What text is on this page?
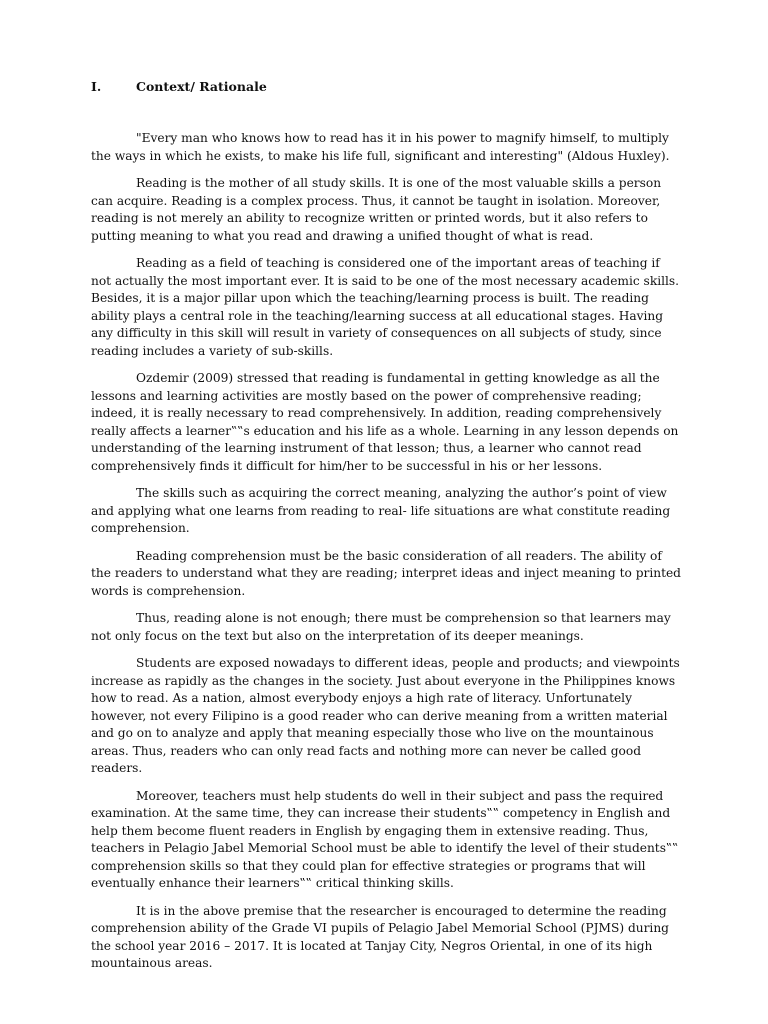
I.	Context/ Rationale

"Every man who knows how to read has it in his power to magnify himself, to multiply the ways in which he exists, to make his life full, significant and interesting" (Aldous Huxley).

Reading is the mother of all study skills. It is one of the most valuable skills a person can acquire. Reading is a complex process. Thus, it cannot be taught in isolation. Moreover, reading is not merely an ability to recognize written or printed words, but it also refers to putting meaning to what you read and drawing a unified thought of what is read.

Reading as a field of teaching is considered one of the important areas of teaching if not actually the most important ever. It is said to be one of the most necessary academic skills. Besides, it is a major pillar upon which the teaching/learning process is built. The reading ability plays a central role in the teaching/learning success at all educational stages. Having any difficulty in this skill will result in variety of consequences on all subjects of study, since reading includes a variety of sub-skills.

Ozdemir (2009) stressed that reading is fundamental in getting knowledge as all the lessons and learning activities are mostly based on the power of comprehensive reading; indeed, it is really necessary to read comprehensively. In addition, reading comprehensively really affects a learner‟‟s education and his life as a whole. Learning in any lesson depends on understanding of the learning instrument of that lesson; thus, a learner who cannot read comprehensively finds it difficult for him/her to be successful in his or her lessons.

The skills such as acquiring the correct meaning, analyzing the author’s point of view and applying what one learns from reading to real- life situations are what constitute reading comprehension.

Reading comprehension must be the basic consideration of all readers. The ability of the readers to understand what they are reading; interpret ideas and inject meaning to printed words is comprehension.

Thus, reading alone is not enough; there must be comprehension so that learners may not only focus on the text but also on the interpretation of its deeper meanings.

Students are exposed nowadays to different ideas, people and products; and viewpoints increase as rapidly as the changes in the society. Just about everyone in the Philippines knows how to read. As a nation, almost everybody enjoys a high rate of literacy. Unfortunately however, not every Filipino is a good reader who can derive meaning from a written material and go on to analyze and apply that meaning especially those who live on the mountainous areas. Thus, readers who can only read facts and nothing more can never be called good readers.

Moreover, teachers must help students do well in their subject and pass the required examination. At the same time, they can increase their students‟‟ competency in English and help them become fluent readers in English by engaging them in extensive reading. Thus, teachers in Pelagio Jabel Memorial School must be able to identify the level of their students‟‟ comprehension skills so that they could plan for effective strategies or programs that will eventually enhance their learners‟‟ critical thinking skills.

It is in the above premise that the researcher is encouraged to determine the reading comprehension ability of the Grade VI pupils of Pelagio Jabel Memorial School (PJMS) during the school year 2016 – 2017. It is located at Tanjay City, Negros Oriental, in one of its high mountainous areas.
